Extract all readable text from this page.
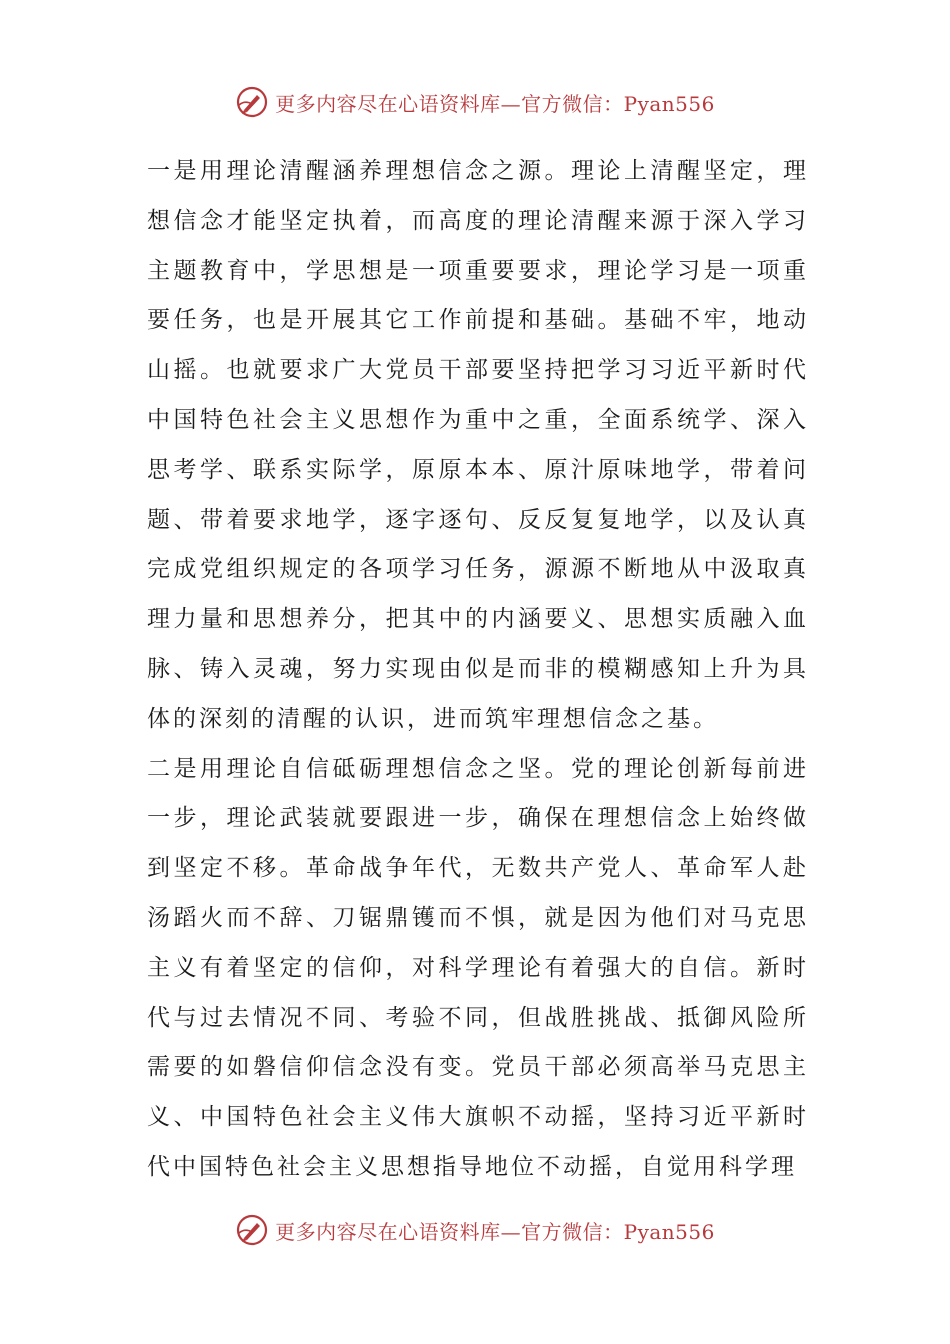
更多内容尽在心语资料库—官方微信：Pyan556

一是用理论清醒涵养理想信念之源。理论上清醒坚定，理想信念才能坚定执着，而高度的理论清醒来源于深入学习主题教育中，学思想是一项重要要求，理论学习是一项重要任务，也是开展其它工作前提和基础。基础不牢，地动山摇。也就要求广大党员干部要坚持把学习习近平新时代中国特色社会主义思想作为重中之重，全面系统学、深入思考学、联系实际学，原原本本、原汁原味地学，带着问题、带着要求地学，逐字逐句、反反复复地学，以及认真完成党组织规定的各项学习任务，源源不断地从中汲取真理力量和思想养分，把其中的内涵要义、思想实质融入血脉、铸入灵魂，努力实现由似是而非的模糊感知上升为具体的深刻的清醒的认识，进而筑牢理想信念之基。

二是用理论自信砥砺理想信念之坚。党的理论创新每前进一步，理论武装就要跟进一步，确保在理想信念上始终做到坚定不移。革命战争年代，无数共产党人、革命军人赴汤蹈火而不辞、刀锯鼎镬而不惧，就是因为他们对马克思主义有着坚定的信仰，对科学理论有着强大的自信。新时代与过去情况不同、考验不同，但战胜挑战、抵御风险所需要的如磐信仰信念没有变。党员干部必须高举马克思主义、中国特色社会主义伟大旗帜不动摇，坚持习近平新时代中国特色社会主义思想指导地位不动摇，自觉用科学理

更多内容尽在心语资料库—官方微信：Pyan556
